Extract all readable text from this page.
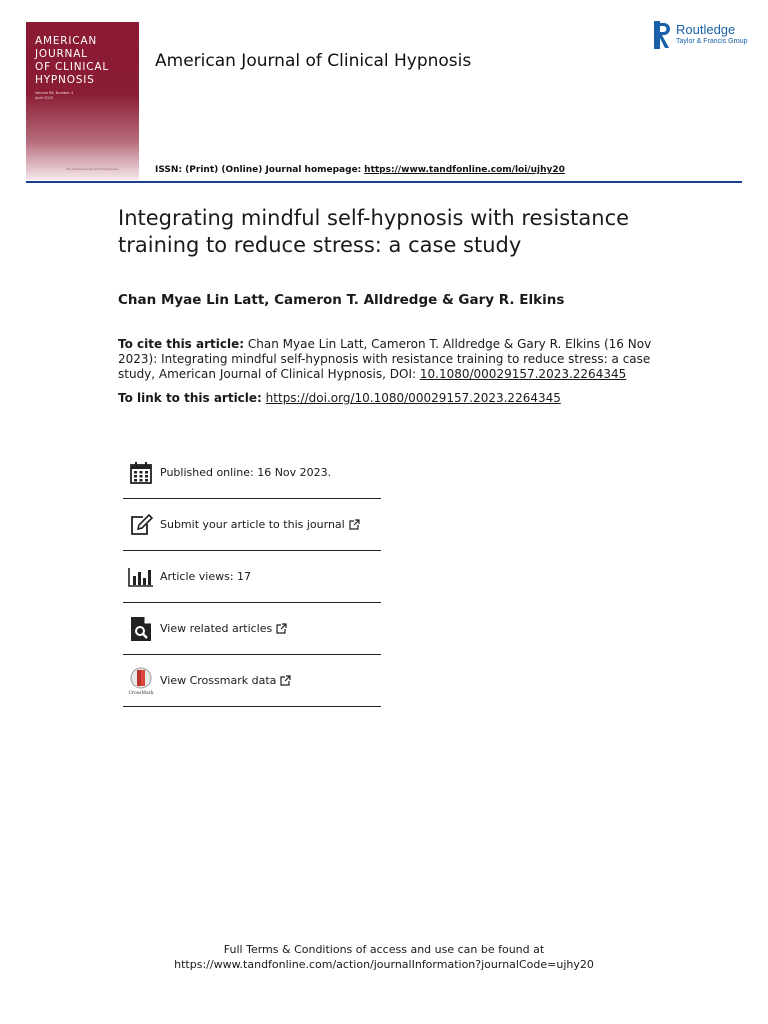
AMERICAN
JOURNAL
OF CLINICAL
HYPNOSIS
Volume 66, Number 4
April 2023
The American Society of Clinical Hypnosis
American Journal of Clinical Hypnosis
Routledge
Taylor & Francis Group
ISSN: (Print) (Online) Journal homepage: https://www.tandfonline.com/loi/ujhy20
Integrating mindful self-hypnosis with resistance training to reduce stress: a case study
Chan Myae Lin Latt, Cameron T. Alldredge & Gary R. Elkins
To cite this article: Chan Myae Lin Latt, Cameron T. Alldredge & Gary R. Elkins (16 Nov 2023): Integrating mindful self-hypnosis with resistance training to reduce stress: a case study, American Journal of Clinical Hypnosis, DOI: 10.1080/00029157.2023.2264345
To link to this article: https://doi.org/10.1080/00029157.2023.2264345
Published online: 16 Nov 2023.
Submit your article to this journal
Article views: 17
View related articles
CrossMark
View Crossmark data
Full Terms & Conditions of access and use can be found at
https://www.tandfonline.com/action/journalInformation?journalCode=ujhy20
